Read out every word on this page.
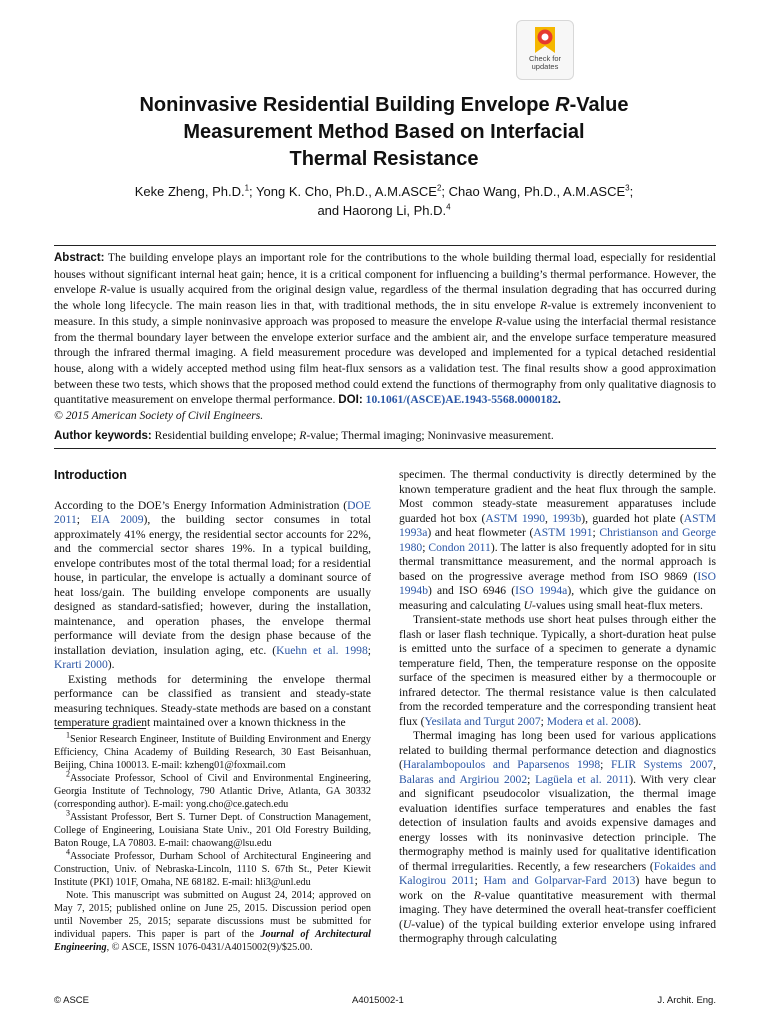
Check for
updates
Noninvasive Residential Building Envelope R-Value
Measurement Method Based on Interfacial
Thermal Resistance
Keke Zheng, Ph.D.$^1$; Yong K. Cho, Ph.D., A.M.ASCE$^2$; Chao Wang, Ph.D., A.M.ASCE$^3$;
and Haorong Li, Ph.D.$^4$
Abstract: The building envelope plays an important role for the contributions to the whole building thermal load, especially for residential houses without significant internal heat gain; hence, it is a critical component for influencing a building’s thermal performance. However, the envelope R-value is usually acquired from the original design value, regardless of the thermal insulation degrading that has occurred during the whole long lifecycle. The main reason lies in that, with traditional methods, the in situ envelope R-value is extremely inconvenient to measure. In this study, a simple noninvasive approach was proposed to measure the envelope R-value using the interfacial thermal resistance from the thermal boundary layer between the envelope exterior surface and the ambient air, and the envelope surface temperature measured through the infrared thermal imaging. A field measurement procedure was developed and implemented for a typical detached residential house, along with a widely accepted method using film heat-flux sensors as a validation test. The final results show a good approximation between these two tests, which shows that the proposed method could extend the functions of thermography from only qualitative diagnosis to quantitative measurement on envelope thermal performance. DOI: 10.1061/(ASCE)AE.1943-5568.0000182.
© 2015 American Society of Civil Engineers.
Author keywords: Residential building envelope; R-value; Thermal imaging; Noninvasive measurement.
Introduction

According to the DOE’s Energy Information Administration (DOE 2011; EIA 2009), the building sector consumes in total approximately 41% energy, the residential sector accounts for 22%, and the commercial sector shares 19%. In a typical building, envelope contributes most of the total thermal load; for a residential house, in particular, the envelope is actually a dominant source of heat loss/gain. The building envelope components are usually designed as standard-satisfied; however, during the installation, maintenance, and operation phases, the envelope thermal performance will deviate from the design phase because of the installation deviation, insulation aging, etc. (Kuehn et al. 1998; Krarti 2000).

Existing methods for determining the envelope thermal performance can be classified as transient and steady-state measuring techniques. Steady-state methods are based on a constant temperature gradient maintained over a known thickness in the

$^1$Senior Research Engineer, Institute of Building Environment and Energy Efficiency, China Academy of Building Research, 30 East Beisanhuan, Beijing, China 100013. E-mail: kzheng01@foxmail.com

$^2$Associate Professor, School of Civil and Environmental Engineering, Georgia Institute of Technology, 790 Atlantic Drive, Atlanta, GA 30332 (corresponding author). E-mail: yong.cho@ce.gatech.edu

$^3$Assistant Professor, Bert S. Turner Dept. of Construction Management, College of Engineering, Louisiana State Univ., 201 Old Forestry Building, Baton Rouge, LA 70803. E-mail: chaowang@lsu.edu

$^4$Associate Professor, Durham School of Architectural Engineering and Construction, Univ. of Nebraska-Lincoln, 1110 S. 67th St., Peter Kiewit Institute (PKI) 101F, Omaha, NE 68182. E-mail: hli3@unl.edu

Note. This manuscript was submitted on August 24, 2014; approved on May 7, 2015; published online on June 25, 2015. Discussion period open until November 25, 2015; separate discussions must be submitted for individual papers. This paper is part of the Journal of Architectural Engineering, © ASCE, ISSN 1076-0431/A4015002(9)/$25.00.

specimen. The thermal conductivity is directly determined by the known temperature gradient and the heat flux through the sample. Most common steady-state measurement apparatuses include guarded hot box (ASTM 1990, 1993b), guarded hot plate (ASTM 1993a) and heat flowmeter (ASTM 1991; Christianson and George 1980; Condon 2011). The latter is also frequently adopted for in situ thermal transmittance measurement, and the normal approach is based on the progressive average method from ISO 9869 (ISO 1994b) and ISO 6946 (ISO 1994a), which give the guidance on measuring and calculating U-values using small heat-flux meters.

Transient-state methods use short heat pulses through either the flash or laser flash technique. Typically, a short-duration heat pulse is emitted unto the surface of a specimen to generate a dynamic temperature field, Then, the temperature response on the opposite surface of the specimen is measured either by a thermocouple or infrared detector. The thermal resistance value is then calculated from the recorded temperature and the corresponding transient heat flux (Yesilata and Turgut 2007; Modera et al. 2008).

Thermal imaging has long been used for various applications related to building thermal performance detection and diagnostics (Haralambopoulos and Paparsenos 1998; FLIR Systems 2007, Balaras and Argiriou 2002; Lagüela et al. 2011). With very clear and significant pseudocolor visualization, the thermal image evaluation identifies surface temperatures and enables the fast detection of insulation faults and avoids expensive damages and energy losses with its noninvasive detection principle. The thermography method is mainly used for qualitative identification of thermal irregularities. Recently, a few researchers (Fokaides and Kalogirou 2011; Ham and Golparvar-Fard 2013) have begun to work on the R-value quantitative measurement with thermal imaging. They have determined the overall heat-transfer coefficient (U-value) of the typical building exterior envelope using infrared thermography through calculating

© ASCE	A4015002-1	J. Archit. Eng.
